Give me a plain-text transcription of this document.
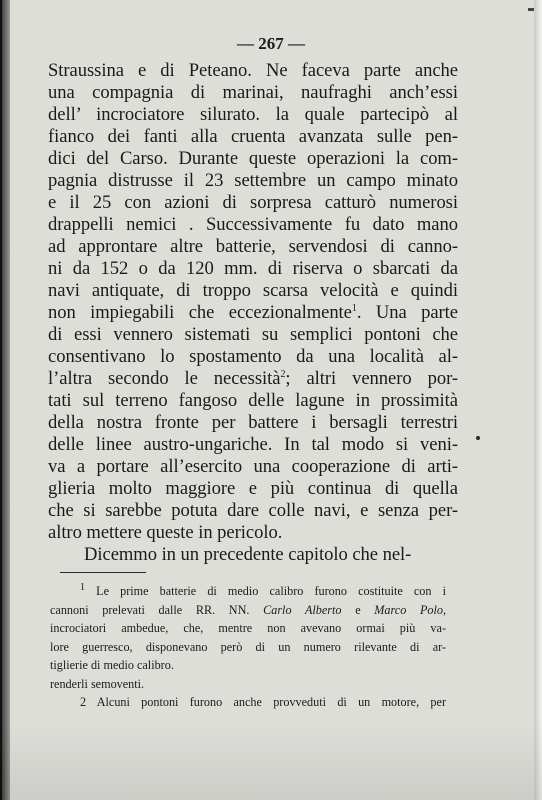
— 267 —
Straussina e di Peteano. Ne faceva parte anche
una compagnia di marinai, naufraghi anch’essi
dell’ incrociatore silurato. la quale partecipò al
fianco dei fanti alla cruenta avanzata sulle pen-
dici del Carso. Durante queste operazioni la com-
pagnia distrusse il 23 settembre un campo minato
e il 25 con azioni di sorpresa catturò numerosi
drappelli nemici . Successivamente fu dato mano
ad approntare altre batterie, servendosi di canno-
ni da 152 o da 120 mm. di riserva o sbarcati da
navi antiquate, di troppo scarsa velocità e quindi
non impiegabili che eccezionalmente$^1$. Una parte
di essi vennero sistemati su semplici pontoni che
consentivano lo spostamento da una località al-
l’altra secondo le necessità$^2$; altri vennero por-
tati sul terreno fangoso delle lagune in prossimità
della nostra fronte per battere i bersagli terrestri
delle linee austro-ungariche. In tal modo si veni-
va a portare all’esercito una cooperazione di arti-
glieria molto maggiore e più continua di quella
che si sarebbe potuta dare colle navi, e senza per-
altro mettere queste in pericolo.
Dicemmo in un precedente capitolo che nel-
$^1$ Le prime batterie di medio calibro furono costituite con i
cannoni prelevati dalle RR. NN. Carlo Alberto e Marco Polo,
incrociatori ambedue, che, mentre non avevano ormai più va-
lore guerresco, disponevano però di un numero rilevante di ar-
tiglierie di medio calibro.
renderli semoventi.
2 Alcuni pontoni furono anche provveduti di un motore, per
